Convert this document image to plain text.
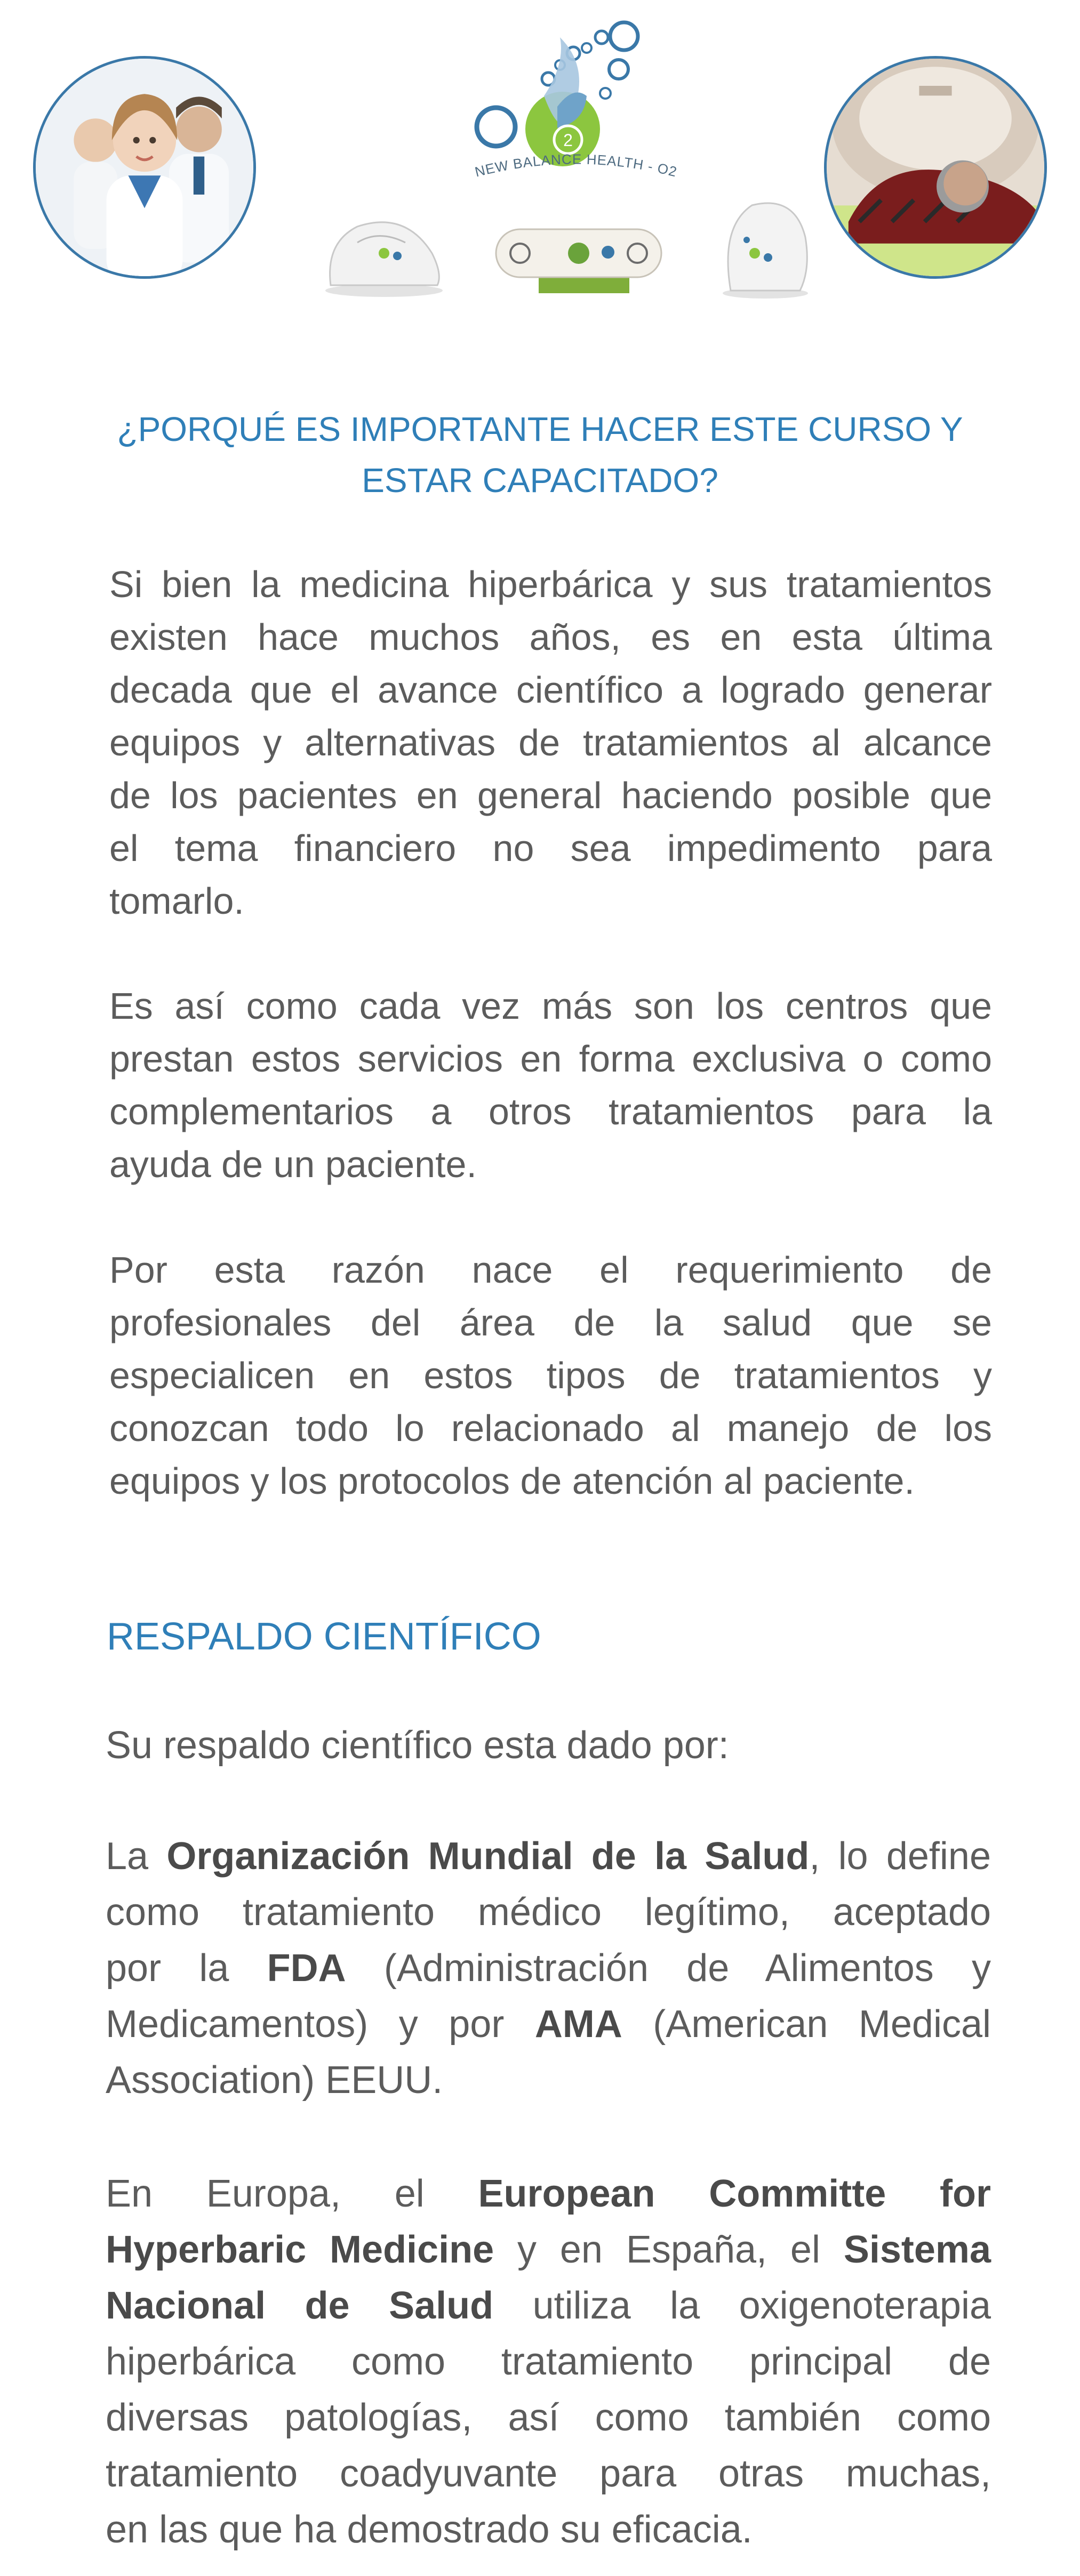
2
NEW BALANCE HEALTH - O2
¿PORQUÉ ES IMPORTANTE HACER ESTE CURSO Y
ESTAR CAPACITADO?
Si bien la medicina hiperbárica y sus tratamientos
existen hace muchos años, es en esta última
decada que el avance científico a logrado generar
equipos y alternativas de tratamientos al alcance
de los pacientes en general haciendo posible que
el tema financiero no sea impedimento para
tomarlo.
Es así como cada vez más son los centros que
prestan estos servicios en forma exclusiva o como
complementarios a otros tratamientos para la
ayuda de un paciente.
Por esta razón nace el requerimiento de
profesionales del área de la salud que se
especialicen en estos tipos de tratamientos y
conozcan todo lo relacionado al manejo de los
equipos y los protocolos de atención al paciente.
RESPALDO CIENTÍFICO
Su respaldo científico esta dado por:
La Organización Mundial de la Salud, lo define
como tratamiento médico legítimo, aceptado
por la FDA (Administración de Alimentos y
Medicamentos) y por AMA (American Medical
Association) EEUU.
En Europa, el European Committe for
Hyperbaric Medicine y en España, el Sistema
Nacional de Salud utiliza la oxigenoterapia
hiperbárica como tratamiento principal de
diversas patologías, así como también como
tratamiento coadyuvante para otras muchas,
en las que ha demostrado su eficacia.
